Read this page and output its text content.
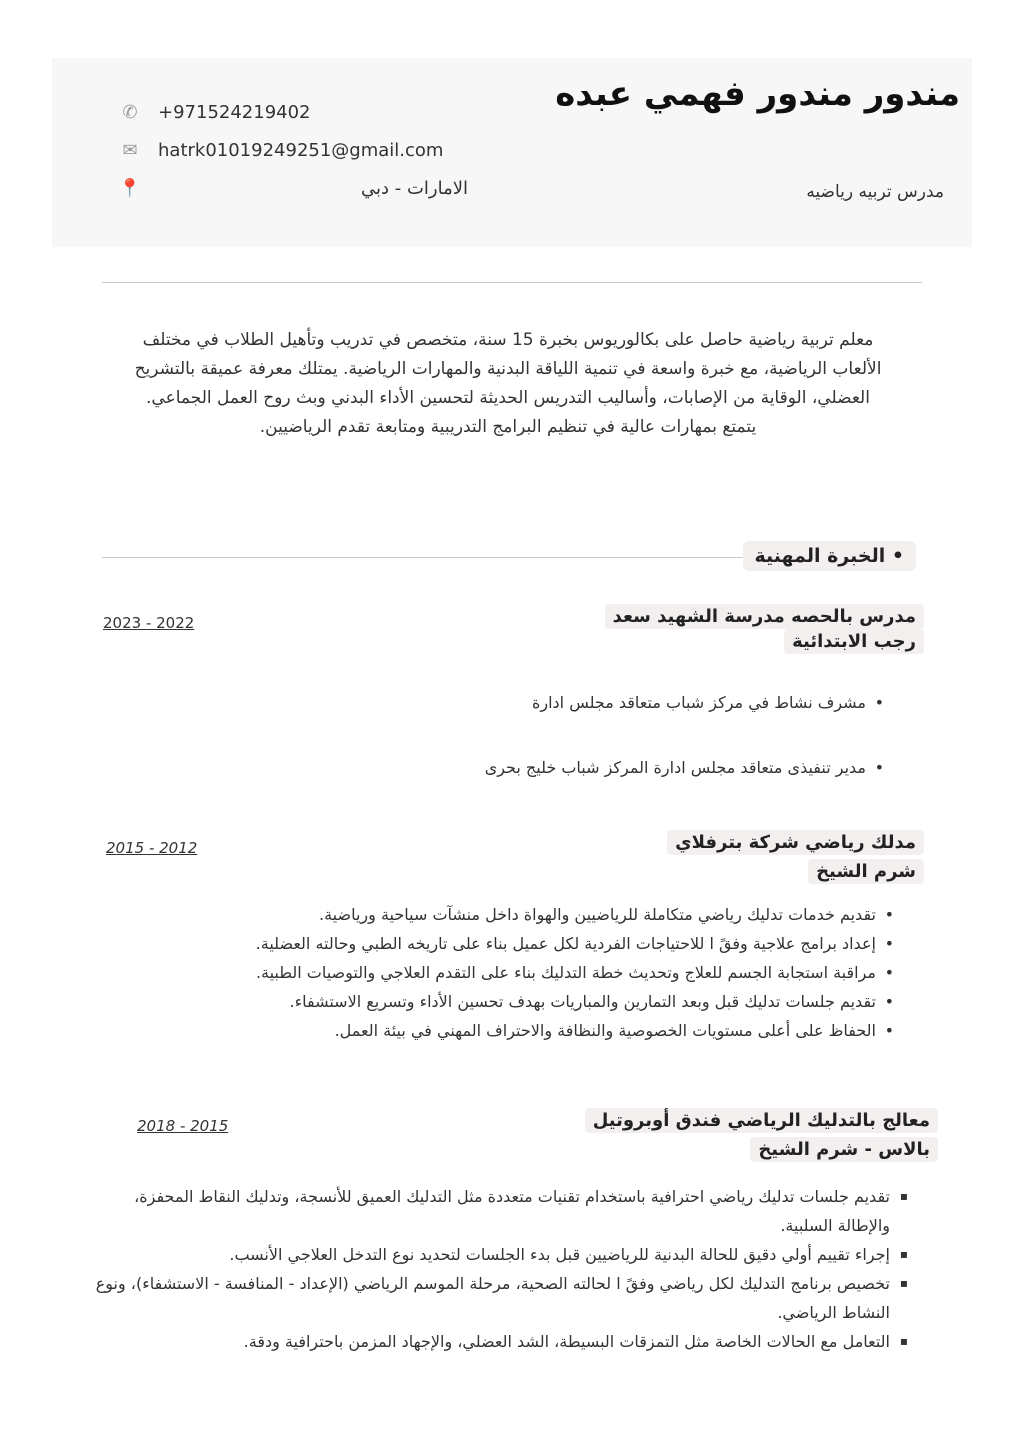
مندور مندور فهمي عبده
مدرس تربيه رياضيه
✆ +971524219402
✉ hatrk01019249251@gmail.com
📍	الامارات - دبي
معلم تربية رياضية حاصل على بكالوريوس بخبرة 15 سنة، متخصص في تدريب وتأهيل الطلاب في مختلف
الألعاب الرياضية، مع خبرة واسعة في تنمية اللياقة البدنية والمهارات الرياضية. يمتلك معرفة عميقة بالتشريح
العضلي، الوقاية من الإصابات، وأساليب التدريس الحديثة لتحسين الأداء البدني وبث روح العمل الجماعي.
يتمتع بمهارات عالية في تنظيم البرامج التدريبية ومتابعة تقدم الرياضيين.
• الخبرة المهنية
مدرس بالحصه مدرسة الشهيد سعد
رجب الابتدائية
2023 - 2022
• مشرف نشاط في مركز شباب متعاقد مجلس ادارة
• مدير تنفيذى متعاقد مجلس ادارة المركز شباب خليج بحرى
مدلك رياضي شركة بترفلاي
شرم الشيخ
2015 - 2012
• تقديم خدمات تدليك رياضي متكاملة للرياضيين والهواة داخل منشآت سياحية ورياضية.
• إعداد برامج علاجية وفقً ا للاحتياجات الفردية لكل عميل بناء على تاريخه الطبي وحالته العضلية.
• مراقبة استجابة الجسم للعلاج وتحديث خطة التدليك بناء على التقدم العلاجي والتوصيات الطبية.
• تقديم جلسات تدليك قبل وبعد التمارين والمباريات بهدف تحسين الأداء وتسريع الاستشفاء.
• الحفاظ على أعلى مستويات الخصوصية والنظافة والاحتراف المهني في بيئة العمل.
معالج بالتدليك الرياضي فندق أوبروتيل
بالاس - شرم الشيخ
2018 - 2015
▪ تقديم جلسات تدليك رياضي احترافية باستخدام تقنيات متعددة مثل التدليك العميق للأنسجة، وتدليك النقاط المحفزة، والإطالة السلبية.
▪ إجراء تقييم أولي دقيق للحالة البدنية للرياضيين قبل بدء الجلسات لتحديد نوع التدخل العلاجي الأنسب.
▪ تخصيص برنامج التدليك لكل رياضي وفقً ا لحالته الصحية، مرحلة الموسم الرياضي (الإعداد - المنافسة - الاستشفاء)، ونوع النشاط الرياضي.
▪ التعامل مع الحالات الخاصة مثل التمزقات البسيطة، الشد العضلي، والإجهاد المزمن باحترافية ودقة.
